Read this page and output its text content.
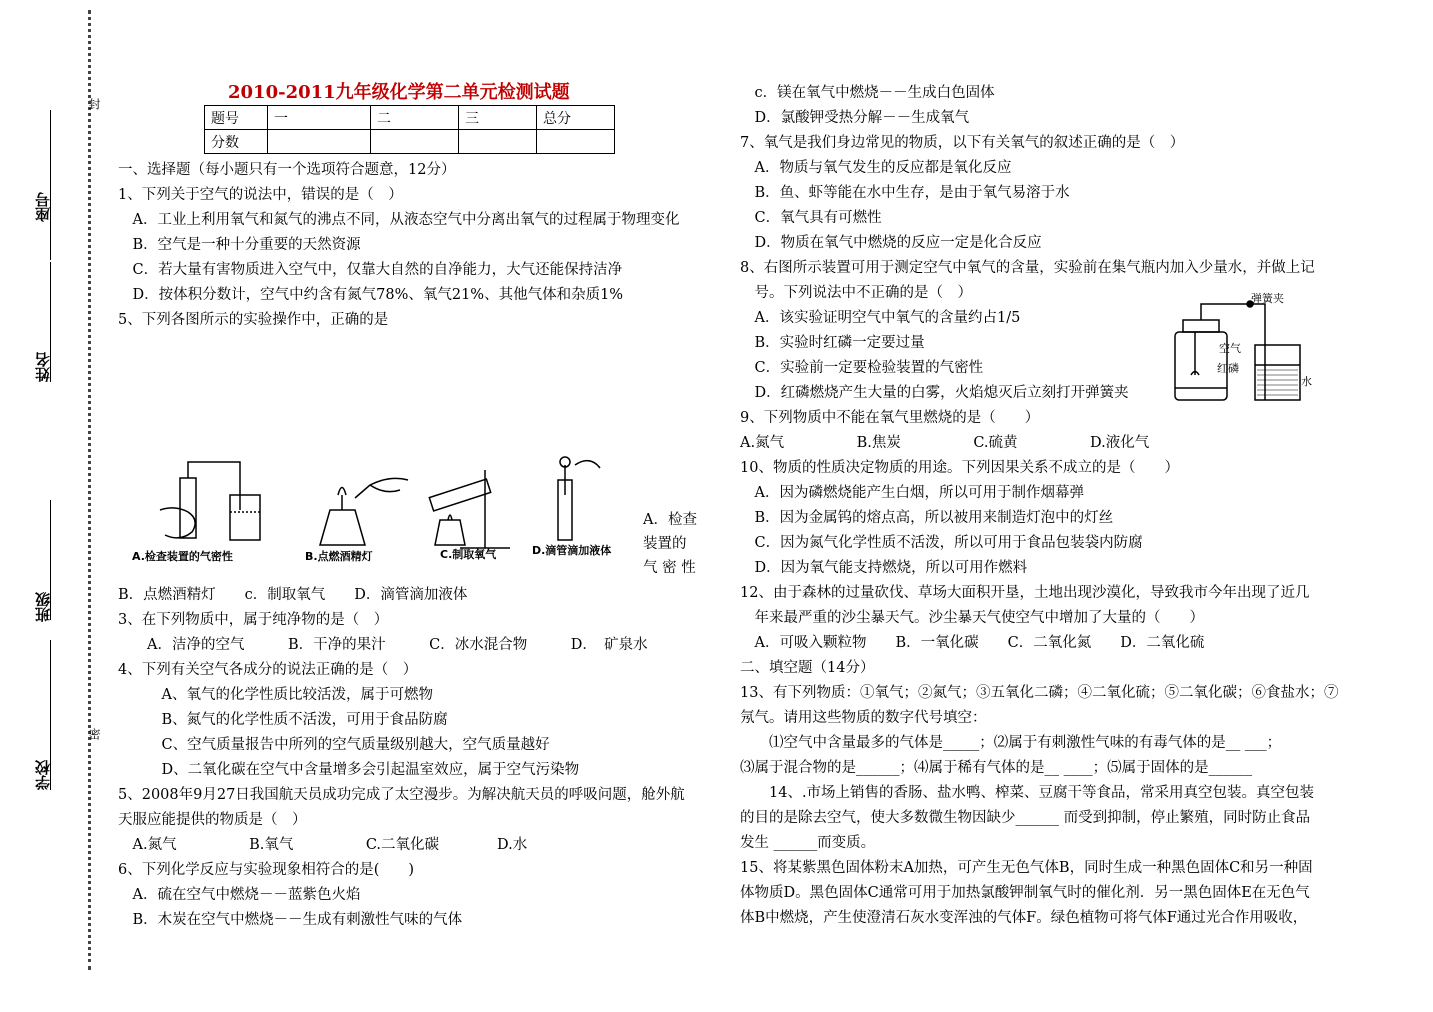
封
密
座号
姓名
班级
学校
2010-2011九年级化学第二单元检测试题
题号	一	二	三	总分
分数				
一、选择题（每小题只有一个选项符合题意，12分）
1、下列关于空气的说法中，错误的是（　）
　A．工业上利用氧气和氮气的沸点不同，从液态空气中分离出氧气的过程属于物理变化
　B．空气是一种十分重要的天然资源
　C．若大量有害物质进入空气中，仅靠大自然的自净能力，大气还能保持洁净
　D．按体积分数计，空气中约含有氮气78%、氧气21%、其他气体和杂质1%
5、下列各图所示的实验操作中，正确的是
A.检查装置的气密性	B.点燃酒精灯	C.制取氧气	D.滴管滴加液体
A．检查
装置的
气 密 性
B．点燃酒精灯　　c．制取氧气　　D．滴管滴加液体
3、在下列物质中，属于纯净物的是（　）
　　A．洁净的空气　　　B．干净的果汁　　　C．冰水混合物　　　D．　矿泉水
4、下列有关空气各成分的说法正确的是（　）
　　　A、氧气的化学性质比较活泼，属于可燃物
　　　B、氮气的化学性质不活泼，可用于食品防腐
　　　C、空气质量报告中所列的空气质量级别越大，空气质量越好
　　　D、二氧化碳在空气中含量增多会引起温室效应，属于空气污染物
5、2008年9月27日我国航天员成功完成了太空漫步。为解决航天员的呼吸问题，舱外航
天服应能提供的物质是（　）
　A.氮气　　　　　B.氧气　　　　　C.二氧化碳　　　　D.水
6、下列化学反应与实验现象相符合的是(　　)
　A．硫在空气中燃烧－－蓝紫色火焰
　B．木炭在空气中燃烧－－生成有刺激性气味的气体
　c．镁在氧气中燃烧－－生成白色固体
　D．氯酸钾受热分解－－生成氧气
7、氧气是我们身边常见的物质，以下有关氧气的叙述正确的是（　）
　A．物质与氧气发生的反应都是氧化反应
　B．鱼、虾等能在水中生存，是由于氧气易溶于水
　C．氧气具有可燃性
　D．物质在氧气中燃烧的反应一定是化合反应
8、右图所示装置可用于测定空气中氧气的含量，实验前在集气瓶内加入少量水，并做上记
　号。下列说法中不正确的是（　）
　A．该实验证明空气中氧气的含量约占1/5
　B．实验时红磷一定要过量
　C．实验前一定要检验装置的气密性
　D．红磷燃烧产生大量的白雾，火焰熄灭后立刻打开弹簧夹
9、下列物质中不能在氧气里燃烧的是（　　）
A.氮气　　　　　B.焦炭　　　　　C.硫黄　　　　　D.液化气
10、物质的性质决定物质的用途。下列因果关系不成立的是（　　）
　A．因为磷燃烧能产生白烟，所以可用于制作烟幕弹
　B．因为金属钨的熔点高，所以被用来制造灯泡中的灯丝
　C．因为氮气化学性质不活泼，所以可用于食品包装袋内防腐
　D．因为氧气能支持燃烧，所以可用作燃料
12、由于森林的过量砍伐、草场大面积开垦，土地出现沙漠化，导致我市今年出现了近几
　年来最严重的沙尘暴天气。沙尘暴天气使空气中增加了大量的（　　）
　A．可吸入颗粒物　　B．一氧化碳　　C．二氧化氮　　D．二氧化硫
二、填空题（14分）
13、有下列物质：①氧气；②氮气；③五氧化二磷；④二氧化硫；⑤二氧化碳；⑥食盐水；⑦
氖气。请用这些物质的数字代号填空：
　　⑴空气中含量最多的气体是_____；⑵属于有刺激性气味的有毒气体的是__ ___；
⑶属于混合物的是______；⑷属于稀有气体的是__ ____；⑸属于固体的是______
　　14、.市场上销售的香肠、盐水鸭、榨菜、豆腐干等食品，常采用真空包装。真空包装
的目的是除去空气，使大多数微生物因缺少______ 而受到抑制，停止繁殖，同时防止食品
发生 ______而变质。
15、将某紫黑色固体粉末A加热，可产生无色气体B，同时生成一种黑色固体C和另一种固
体物质D。黑色固体C通常可用于加热氯酸钾制氧气时的催化剂．另一黑色固体E在无色气
体B中燃烧，产生使澄清石灰水变浑浊的气体F。绿色植物可将气体F通过光合作用吸收，
弹簧夹
空气
红磷
水
